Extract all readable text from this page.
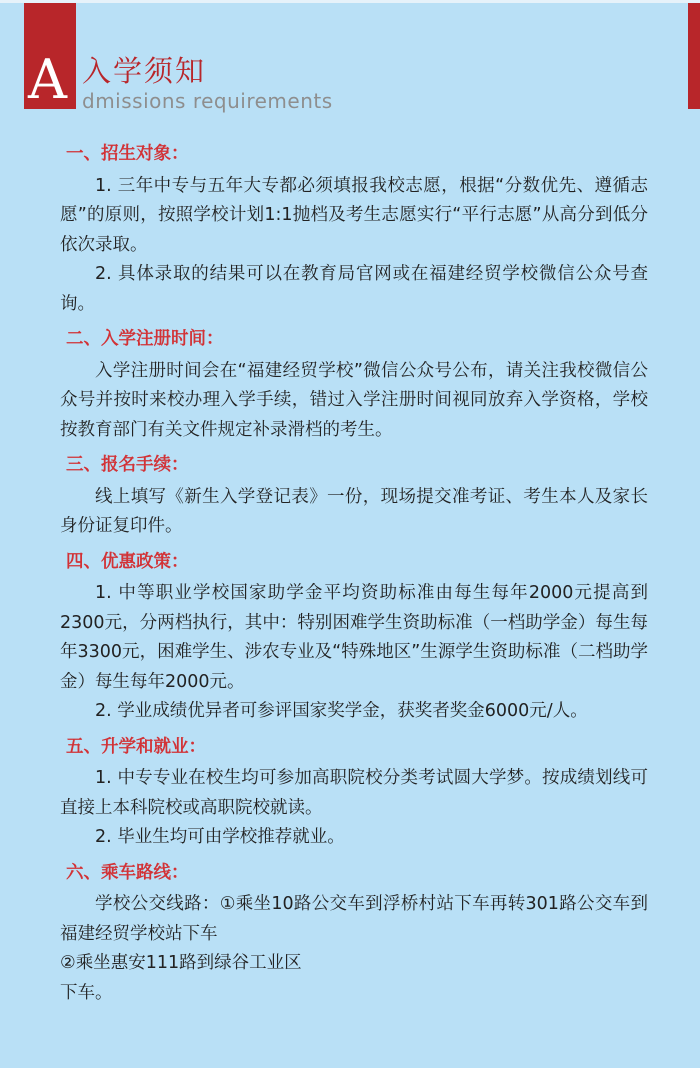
A 入学须知
dmissions requirements
一、招生对象：

1. 三年中专与五年大专都必须填报我校志愿，根据“分数优先、遵循志愿”的原则，按照学校计划1:1抛档及考生志愿实行“平行志愿”从高分到低分依次录取。

2. 具体录取的结果可以在教育局官网或在福建经贸学校微信公众号查询。

二、入学注册时间：

入学注册时间会在“福建经贸学校”微信公众号公布，请关注我校微信公众号并按时来校办理入学手续，错过入学注册时间视同放弃入学资格，学校按教育部门有关文件规定补录滑档的考生。

三、报名手续：

线上填写《新生入学登记表》一份，现场提交准考证、考生本人及家长身份证复印件。

四、优惠政策：

1. 中等职业学校国家助学金平均资助标准由每生每年2000元提高到2300元，分两档执行，其中：特别困难学生资助标准（一档助学金）每生每年3300元，困难学生、涉农专业及“特殊地区”生源学生资助标准（二档助学金）每生每年2000元。

2. 学业成绩优异者可参评国家奖学金，获奖者奖金6000元/人。

五、升学和就业：

1. 中专专业在校生均可参加高职院校分类考试圆大学梦。按成绩划线可直接上本科院校或高职院校就读。

2. 毕业生均可由学校推荐就业。

六、乘车路线：

学校公交线路：①乘坐10路公交车到浮桥村站下车再转301路公交车到福建经贸学校站下车

②乘坐惠安111路到绿谷工业区

下车。
